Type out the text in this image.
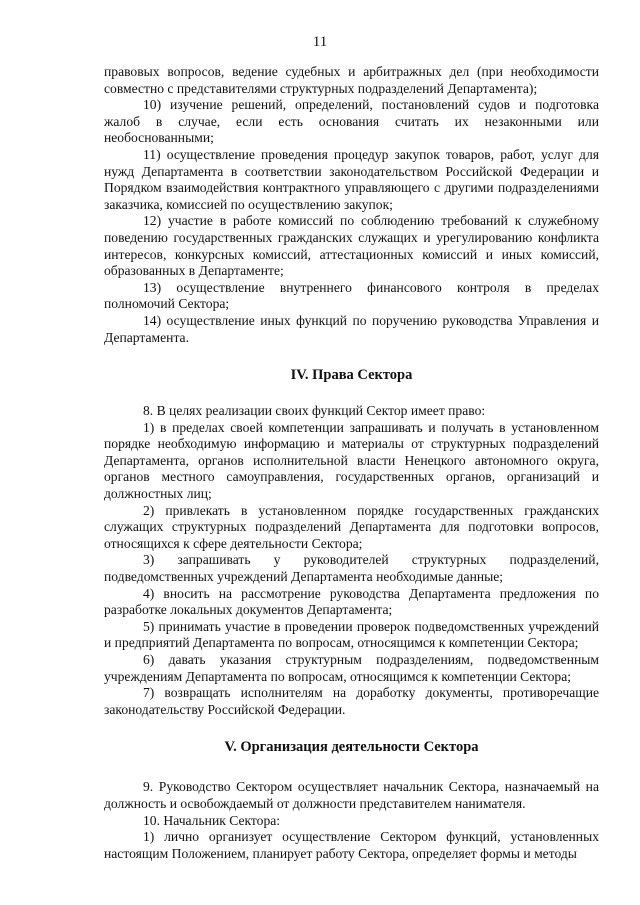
11

правовых вопросов, ведение судебных и арбитражных дел (при необходимости совместно с представителями структурных подразделений Департамента);

10) изучение решений, определений, постановлений судов и подготовка жалоб в случае, если есть основания считать их незаконными или необоснованными;

11) осуществление проведения процедур закупок товаров, работ, услуг для нужд Департамента в соответствии законодательством Российской Федерации и Порядком взаимодействия контрактного управляющего с другими подразделениями заказчика, комиссией по осуществлению закупок;

12) участие в работе комиссий по соблюдению требований к служебному поведению государственных гражданских служащих и урегулированию конфликта интересов, конкурсных комиссий, аттестационных комиссий и иных комиссий, образованных в Департаменте;

13) осуществление внутреннего финансового контроля в пределах полномочий Сектора;

14) осуществление иных функций по поручению руководства Управления и Департамента.

IV. Права Сектора

8. В целях реализации своих функций Сектор имеет право:

1) в пределах своей компетенции запрашивать и получать в установленном порядке необходимую информацию и материалы от структурных подразделений Департамента, органов исполнительной власти Ненецкого автономного округа, органов местного самоуправления, государственных органов, организаций и должностных лиц;

2) привлекать в установленном порядке государственных гражданских служащих структурных подразделений Департамента для подготовки вопросов, относящихся к сфере деятельности Сектора;

3) запрашивать у руководителей структурных подразделений, подведомственных учреждений Департамента необходимые данные;

4) вносить на рассмотрение руководства Департамента предложения по разработке локальных документов Департамента;

5) принимать участие в проведении проверок подведомственных учреждений и предприятий Департамента по вопросам, относящимся к компетенции Сектора;

6) давать указания структурным подразделениям, подведомственным учреждениям Департамента по вопросам, относящимся к компетенции Сектора;

7) возвращать исполнителям на доработку документы, противоречащие законодательству Российской Федерации.

V. Организация деятельности Сектора

9. Руководство Сектором осуществляет начальник Сектора, назначаемый на должность и освобождаемый от должности представителем нанимателя.

10. Начальник Сектора:

1) лично организует осуществление Сектором функций, установленных настоящим Положением, планирует работу Сектора, определяет формы и методы
